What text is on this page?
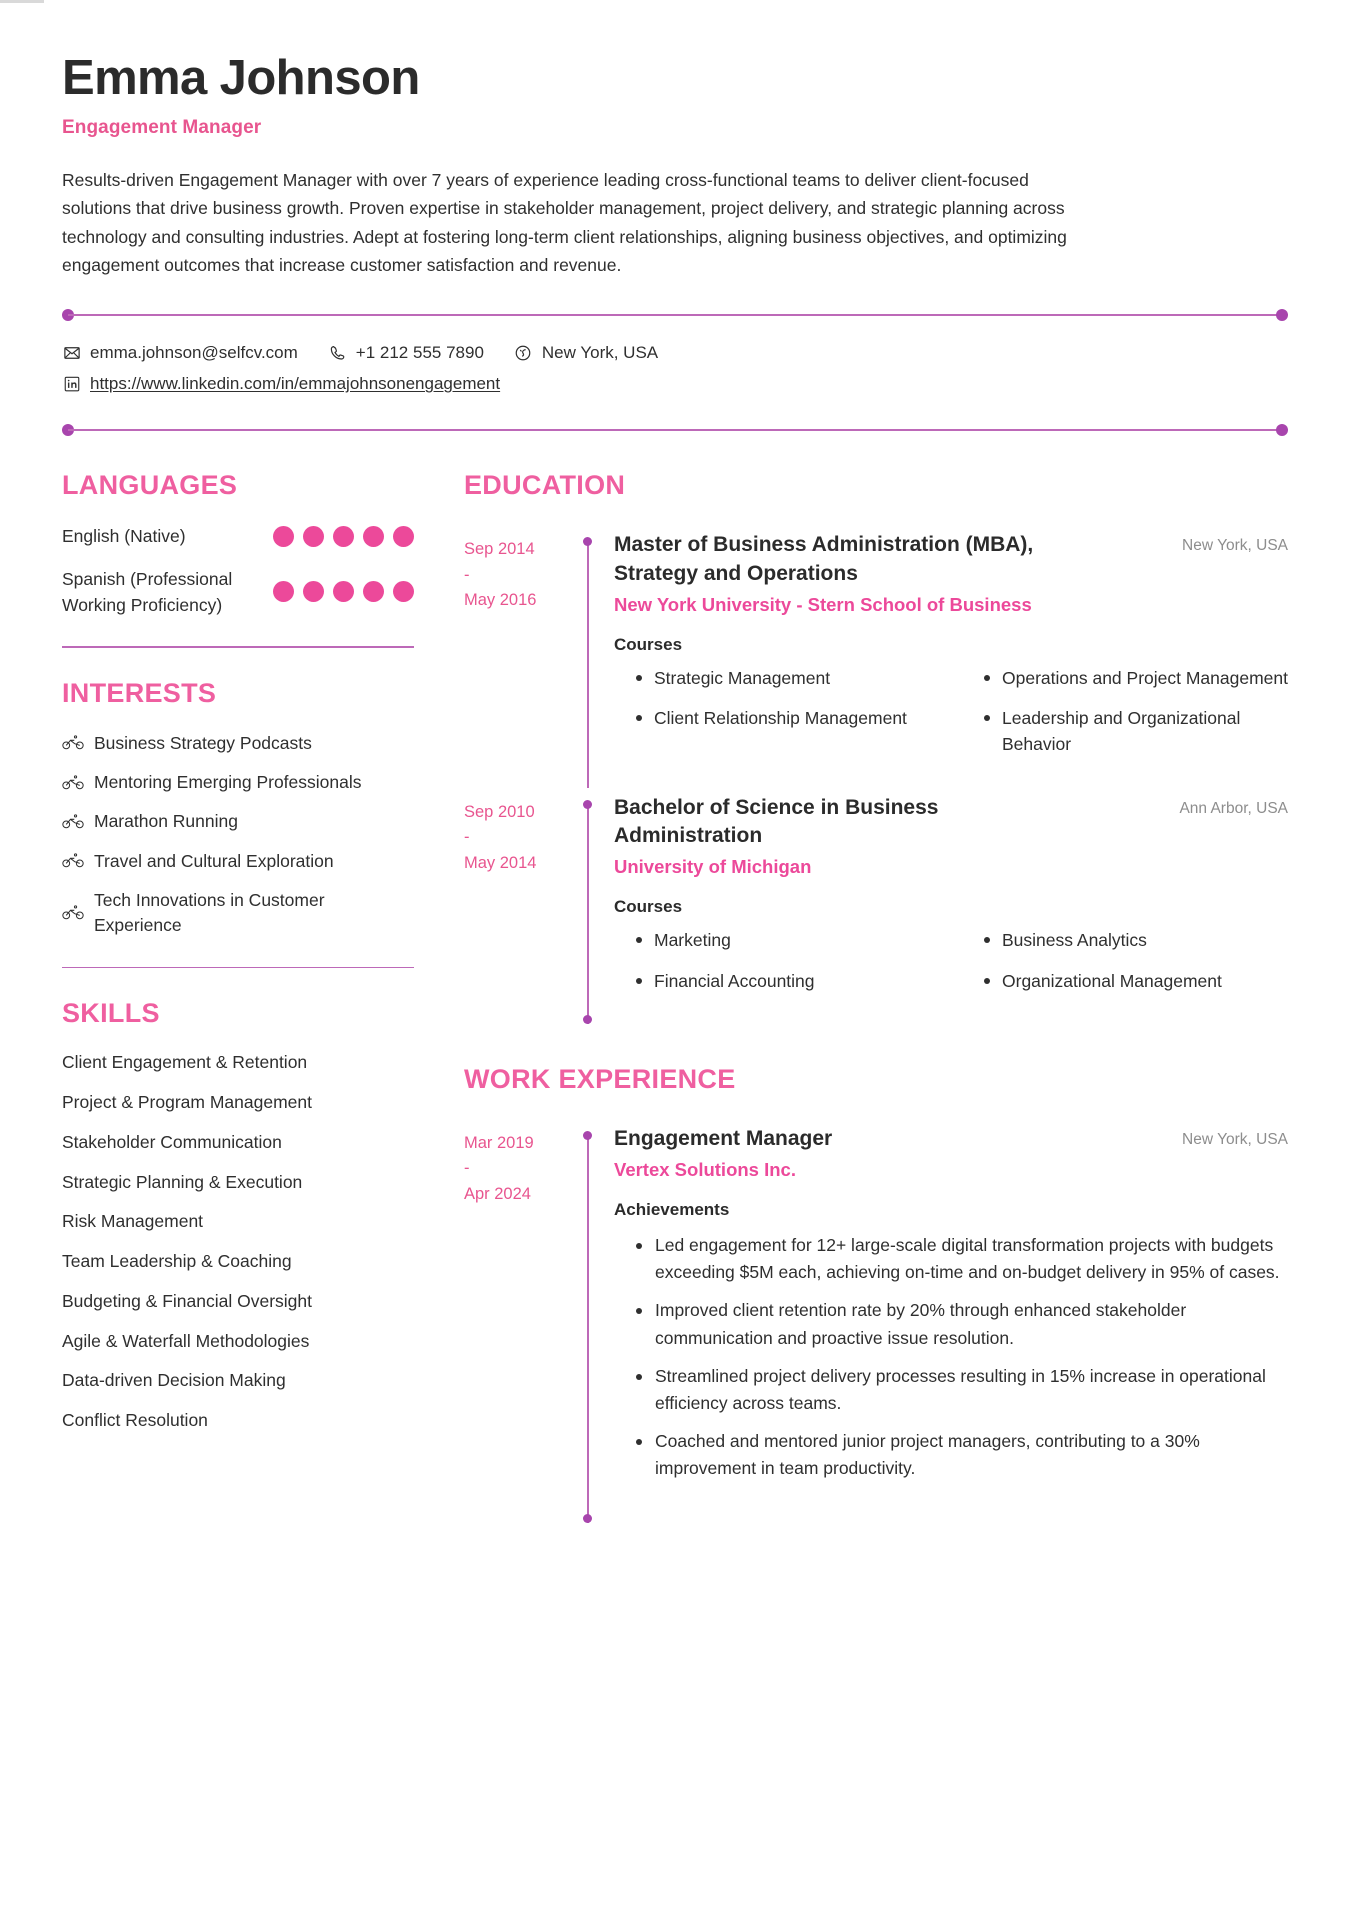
Emma Johnson
Engagement Manager
Results-driven Engagement Manager with over 7 years of experience leading cross-functional teams to deliver client-focused solutions that drive business growth. Proven expertise in stakeholder management, project delivery, and strategic planning across technology and consulting industries. Adept at fostering long-term client relationships, aligning business objectives, and optimizing engagement outcomes that increase customer satisfaction and revenue.
emma.johnson@selfcv.com	+1 212 555 7890	New York, USA
https://www.linkedin.com/in/emmajohnsonengagement
LANGUAGES
English (Native)
Spanish (Professional Working Proficiency)
INTERESTS
Business Strategy Podcasts
Mentoring Emerging Professionals
Marathon Running
Travel and Cultural Exploration
Tech Innovations in Customer Experience
SKILLS
Client Engagement & Retention
Project & Program Management
Stakeholder Communication
Strategic Planning & Execution
Risk Management
Team Leadership & Coaching
Budgeting & Financial Oversight
Agile & Waterfall Methodologies
Data-driven Decision Making
Conflict Resolution
EDUCATION
Sep 2014
-
May 2016
Master of Business Administration (MBA), Strategy and Operations
New York, USA
New York University - Stern School of Business
Courses
Strategic Management	Operations and Project Management
Client Relationship Management	Leadership and Organizational Behavior
Sep 2010
-
May 2014
Bachelor of Science in Business Administration
Ann Arbor, USA
University of Michigan
Courses
Marketing	Business Analytics
Financial Accounting	Organizational Management
WORK EXPERIENCE
Mar 2019
-
Apr 2024
Engagement Manager	New York, USA
Vertex Solutions Inc.
Achievements
Led engagement for 12+ large-scale digital transformation projects with budgets exceeding $5M each, achieving on-time and on-budget delivery in 95% of cases.
Improved client retention rate by 20% through enhanced stakeholder communication and proactive issue resolution.
Streamlined project delivery processes resulting in 15% increase in operational efficiency across teams.
Coached and mentored junior project managers, contributing to a 30% improvement in team productivity.
